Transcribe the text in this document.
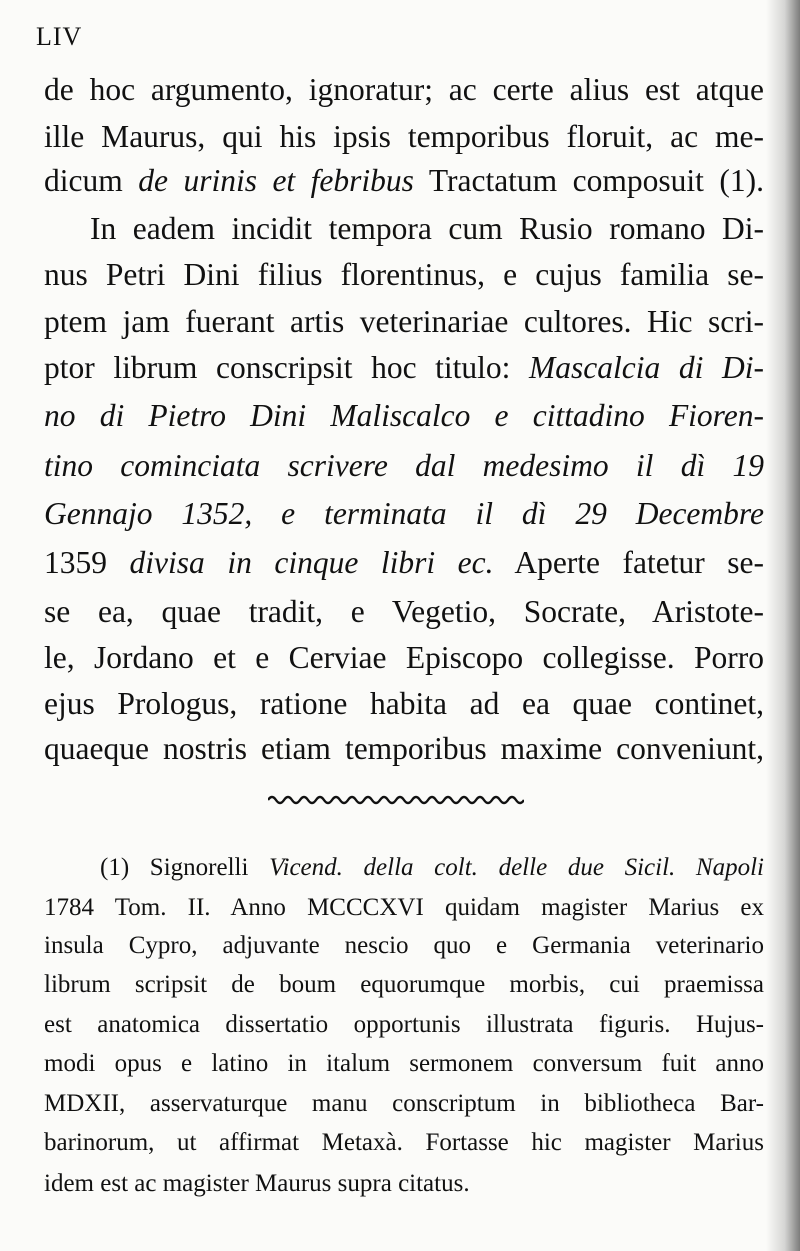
LIV
de hoc argumento, ignoratur; ac certe alius est atque
ille Maurus, qui his ipsis temporibus floruit, ac me-
dicum de urinis et febribus Tractatum composuit (1).
In eadem incidit tempora cum Rusio romano Di-
nus Petri Dini filius florentinus, e cujus familia se-
ptem jam fuerant artis veterinariae cultores. Hic scri-
ptor librum conscripsit hoc titulo: Mascalcia di Di-
no di Pietro Dini Maliscalco e cittadino Fioren-
tino cominciata scrivere dal medesimo il dì 19
Gennajo 1352, e terminata il dì 29 Decembre
1359 divisa in cinque libri ec. Aperte fatetur se-
se ea, quae tradit, e Vegetio, Socrate, Aristote-
le, Jordano et e Cerviae Episcopo collegisse. Porro
ejus Prologus, ratione habita ad ea quae continet,
quaeque nostris etiam temporibus maxime conveniunt,
(1) Signorelli Vicend. della colt. delle due Sicil. Napoli
1784 Tom. II. Anno MCCCXVI quidam magister Marius ex
insula Cypro, adjuvante nescio quo e Germania veterinario
librum scripsit de boum equorumque morbis, cui praemissa
est anatomica dissertatio opportunis illustrata figuris. Hujus-
modi opus e latino in italum sermonem conversum fuit anno
MDXII, asservaturque manu conscriptum in bibliotheca Bar-
barinorum, ut affirmat Metaxà. Fortasse hic magister Marius
idem est ac magister Maurus supra citatus.
